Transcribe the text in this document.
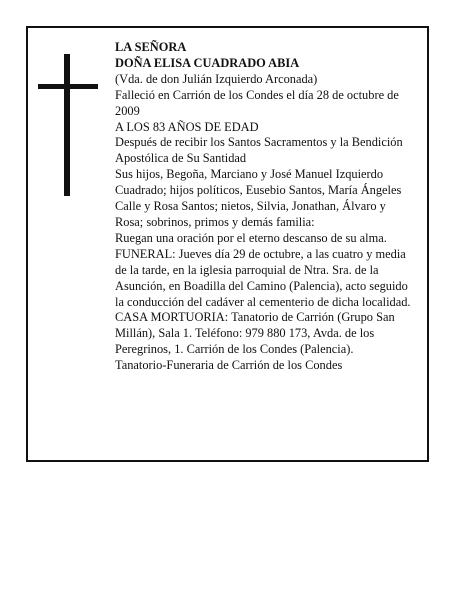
LA SEÑORA

DOÑA ELISA CUADRADO ABIA

(Vda. de don Julián Izquierdo Arconada)

Falleció en Carrión de los Condes el día 28 de octubre de 2009

A LOS 83 AÑOS DE EDAD

Después de recibir los Santos Sacramentos y la Bendición Apostólica de Su Santidad

Sus hijos, Begoña, Marciano y José Manuel Izquierdo Cuadrado; hijos políticos, Eusebio Santos, María Ángeles Calle y Rosa Santos; nietos, Silvia, Jonathan, Álvaro y Rosa; sobrinos, primos y demás familia:

Ruegan una oración por el eterno descanso de su alma.

FUNERAL: Jueves día 29 de octubre, a las cuatro y media de la tarde, en la iglesia parroquial de Ntra. Sra. de la Asunción, en Boadilla del Camino (Palencia), acto seguido la conducción del cadáver al cementerio de dicha localidad.

CASA MORTUORIA: Tanatorio de Carrión (Grupo San Millán), Sala 1. Teléfono: 979 880 173, Avda. de los Peregrinos, 1. Carrión de los Condes (Palencia).

Tanatorio-Funeraria de Carrión de los Condes
